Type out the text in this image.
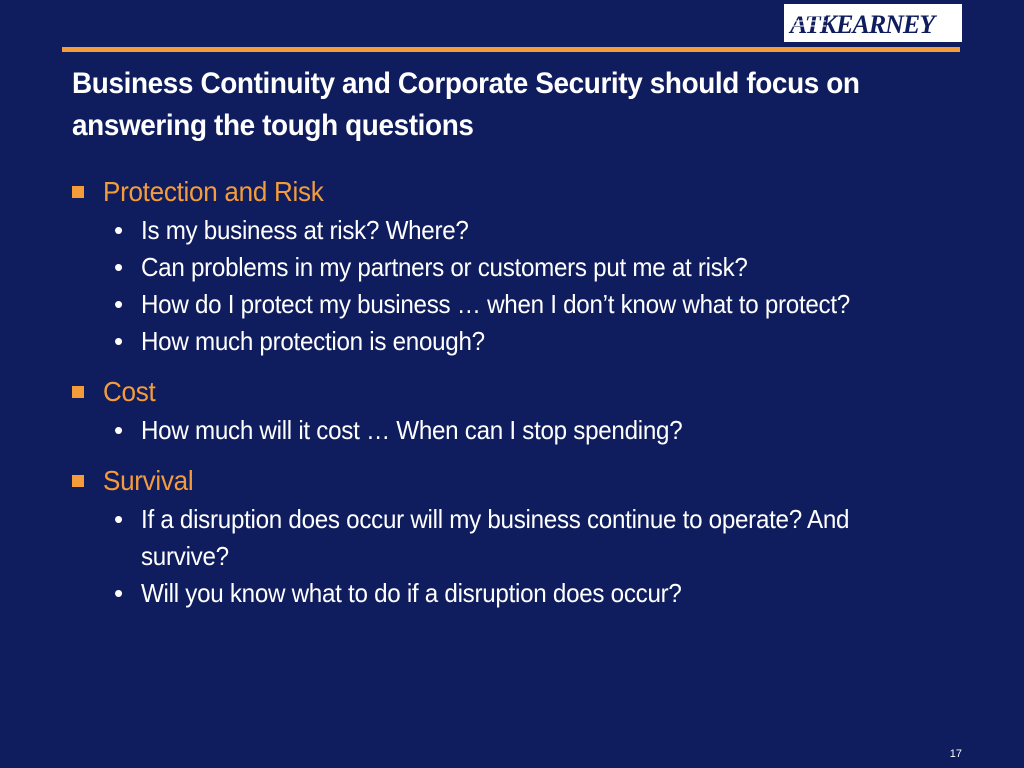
ATKEARNEY
Business Continuity and Corporate Security should focus on answering the tough questions
Protection and Risk
• Is my business at risk? Where?
• Can problems in my partners or customers put me at risk?
• How do I protect my business … when I don’t know what to protect?
• How much protection is enough?
Cost
• How much will it cost … When can I stop spending?
Survival
• If a disruption does occur will my business continue to operate? And survive?
• Will you know what to do if a disruption does occur?
17
